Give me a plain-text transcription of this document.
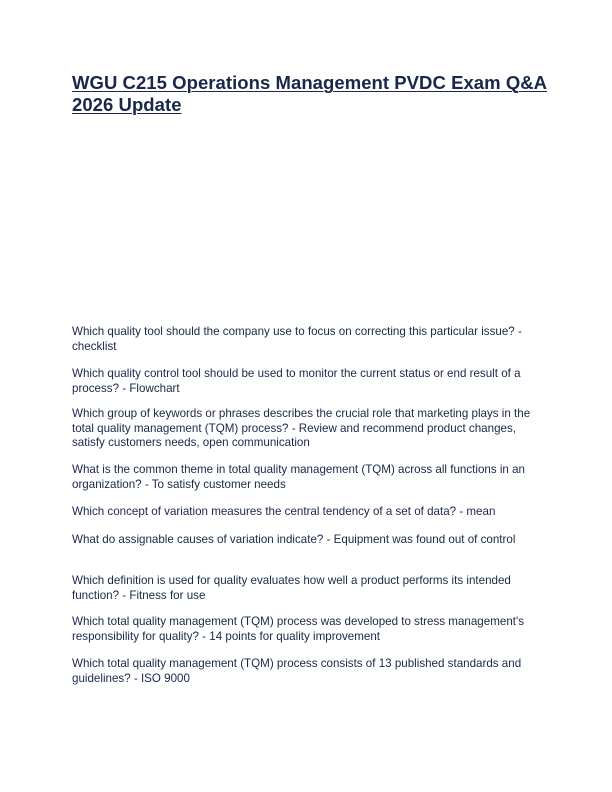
WGU C215 Operations Management PVDC Exam Q&A 2026 Update

Which quality tool should the company use to focus on correcting this particular issue? - checklist

Which quality control tool should be used to monitor the current status or end result of a process? - Flowchart

Which group of keywords or phrases describes the crucial role that marketing plays in the total quality management (TQM) process? - Review and recommend product changes, satisfy customers needs, open communication

What is the common theme in total quality management (TQM) across all functions in an organization? - To satisfy customer needs

Which concept of variation measures the central tendency of a set of data? - mean

What do assignable causes of variation indicate? - Equipment was found out of control

Which definition is used for quality evaluates how well a product performs its intended function? - Fitness for use

Which total quality management (TQM) process was developed to stress management's responsibility for quality? - 14 points for quality improvement

Which total quality management (TQM) process consists of 13 published standards and guidelines? - ISO 9000
